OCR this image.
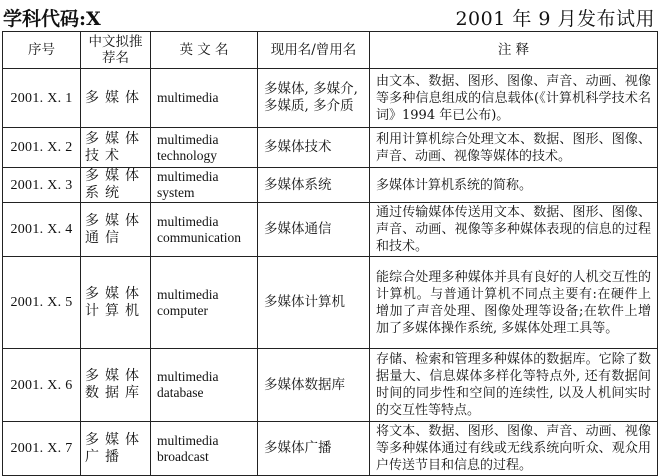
学科代码:X	2001 年 9 月发布试用
序号	中文拟推荐名	英 文 名	现用名/曾用名	注 释
2001. X. 1	多媒体	multimedia	多媒体, 多媒介, 多媒质, 多介质	由文本、数据、图形、图像、声音、动画、视像等多种信息组成的信息载体(《计算机科学技术名词》1994 年已公布)。
2001. X. 2	多媒体技术	multimedia technology	多媒体技术	利用计算机综合处理文本、数据、图形、图像、声音、动画、视像等媒体的技术。
2001. X. 3	多媒体系统	multimedia system	多媒体系统	多媒体计算机系统的简称。
2001. X. 4	多媒体通信	multimedia communication	多媒体通信	通过传输媒体传送用文本、数据、图形、图像、声音、动画、视像等多种媒体表现的信息的过程和技术。
2001. X. 5	多媒体计算机	multimedia computer	多媒体计算机	能综合处理多种媒体并具有良好的人机交互性的计算机。与普通计算机不同点主要有:在硬件上增加了声音处理、图像处理等设备;在软件上增加了多媒体操作系统, 多媒体处理工具等。
2001. X. 6	多媒体数据库	multimedia database	多媒体数据库	存储、检索和管理多种媒体的数据库。它除了数据量大、信息媒体多样化等特点外, 还有数据间时间的同步性和空间的连续性, 以及人机间实时的交互性等特点。
2001. X. 7	多媒体广播	multimedia broadcast	多媒体广播	将文本、数据、图形、图像、声音、动画、视像等多种媒体通过有线或无线系统向听众、观众用户传送节目和信息的过程。
